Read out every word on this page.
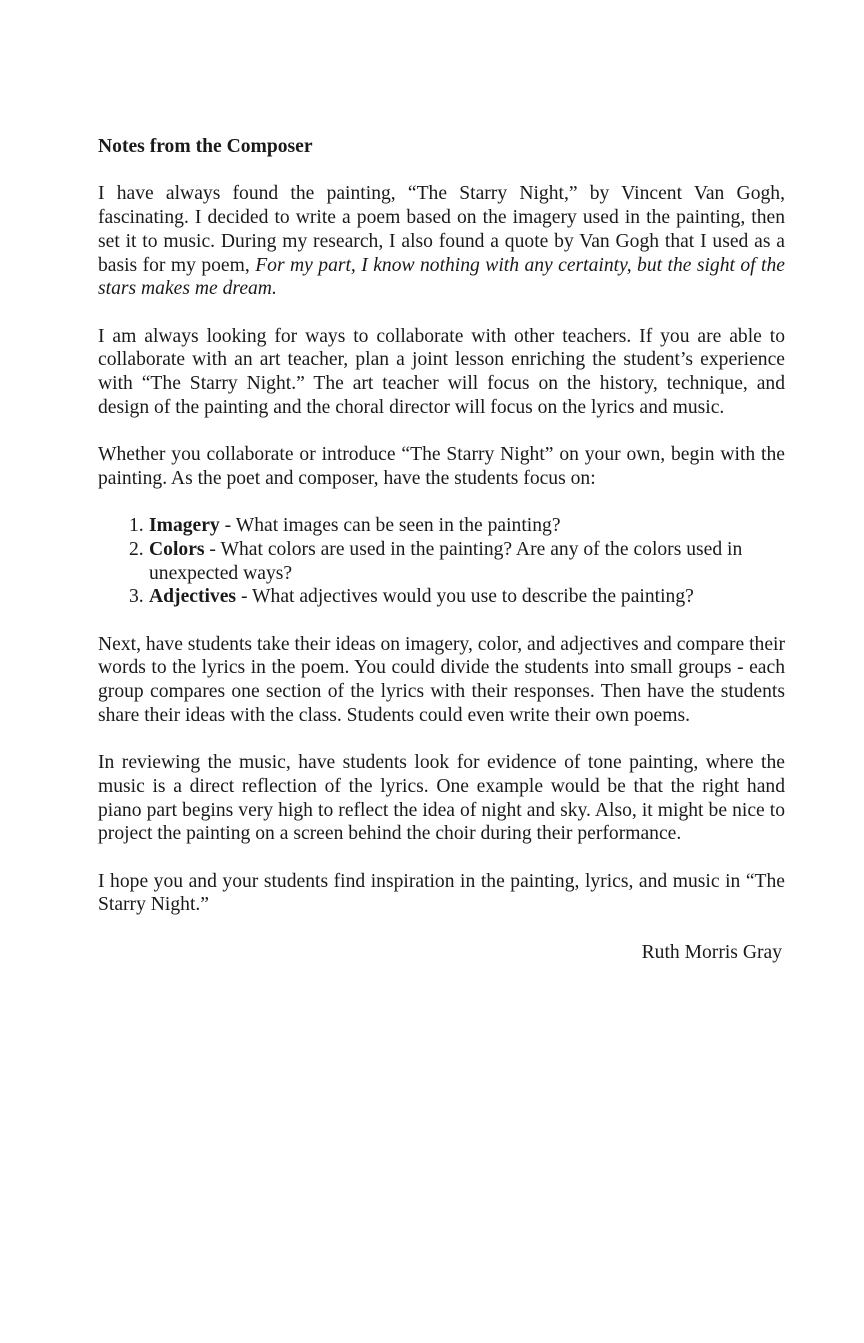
Notes from the Composer

I have always found the painting, “The Starry Night,” by Vincent Van Gogh, fascinating. I decided to write a poem based on the imagery used in the painting, then set it to music. During my research, I also found a quote by Van Gogh that I used as a basis for my poem, For my part, I know nothing with any certainty, but the sight of the stars makes me dream.

I am always looking for ways to collaborate with other teachers. If you are able to collaborate with an art teacher, plan a joint lesson enriching the student’s experience with “The Starry Night.” The art teacher will focus on the history, technique, and design of the painting and the choral director will focus on the lyrics and music.

Whether you collaborate or introduce “The Starry Night” on your own, begin with the painting. As the poet and composer, have the students focus on:

1. Imagery - What images can be seen in the painting?
2. Colors - What colors are used in the painting? Are any of the colors used in unexpected ways?
3. Adjectives - What adjectives would you use to describe the painting?

Next, have students take their ideas on imagery, color, and adjectives and compare their words to the lyrics in the poem. You could divide the students into small groups - each group compares one section of the lyrics with their responses. Then have the students share their ideas with the class. Students could even write their own poems.

In reviewing the music, have students look for evidence of tone painting, where the music is a direct reflection of the lyrics. One example would be that the right hand piano part begins very high to reflect the idea of night and sky. Also, it might be nice to project the painting on a screen behind the choir during their performance.

I hope you and your students find inspiration in the painting, lyrics, and music in “The Starry Night.”

Ruth Morris Gray
